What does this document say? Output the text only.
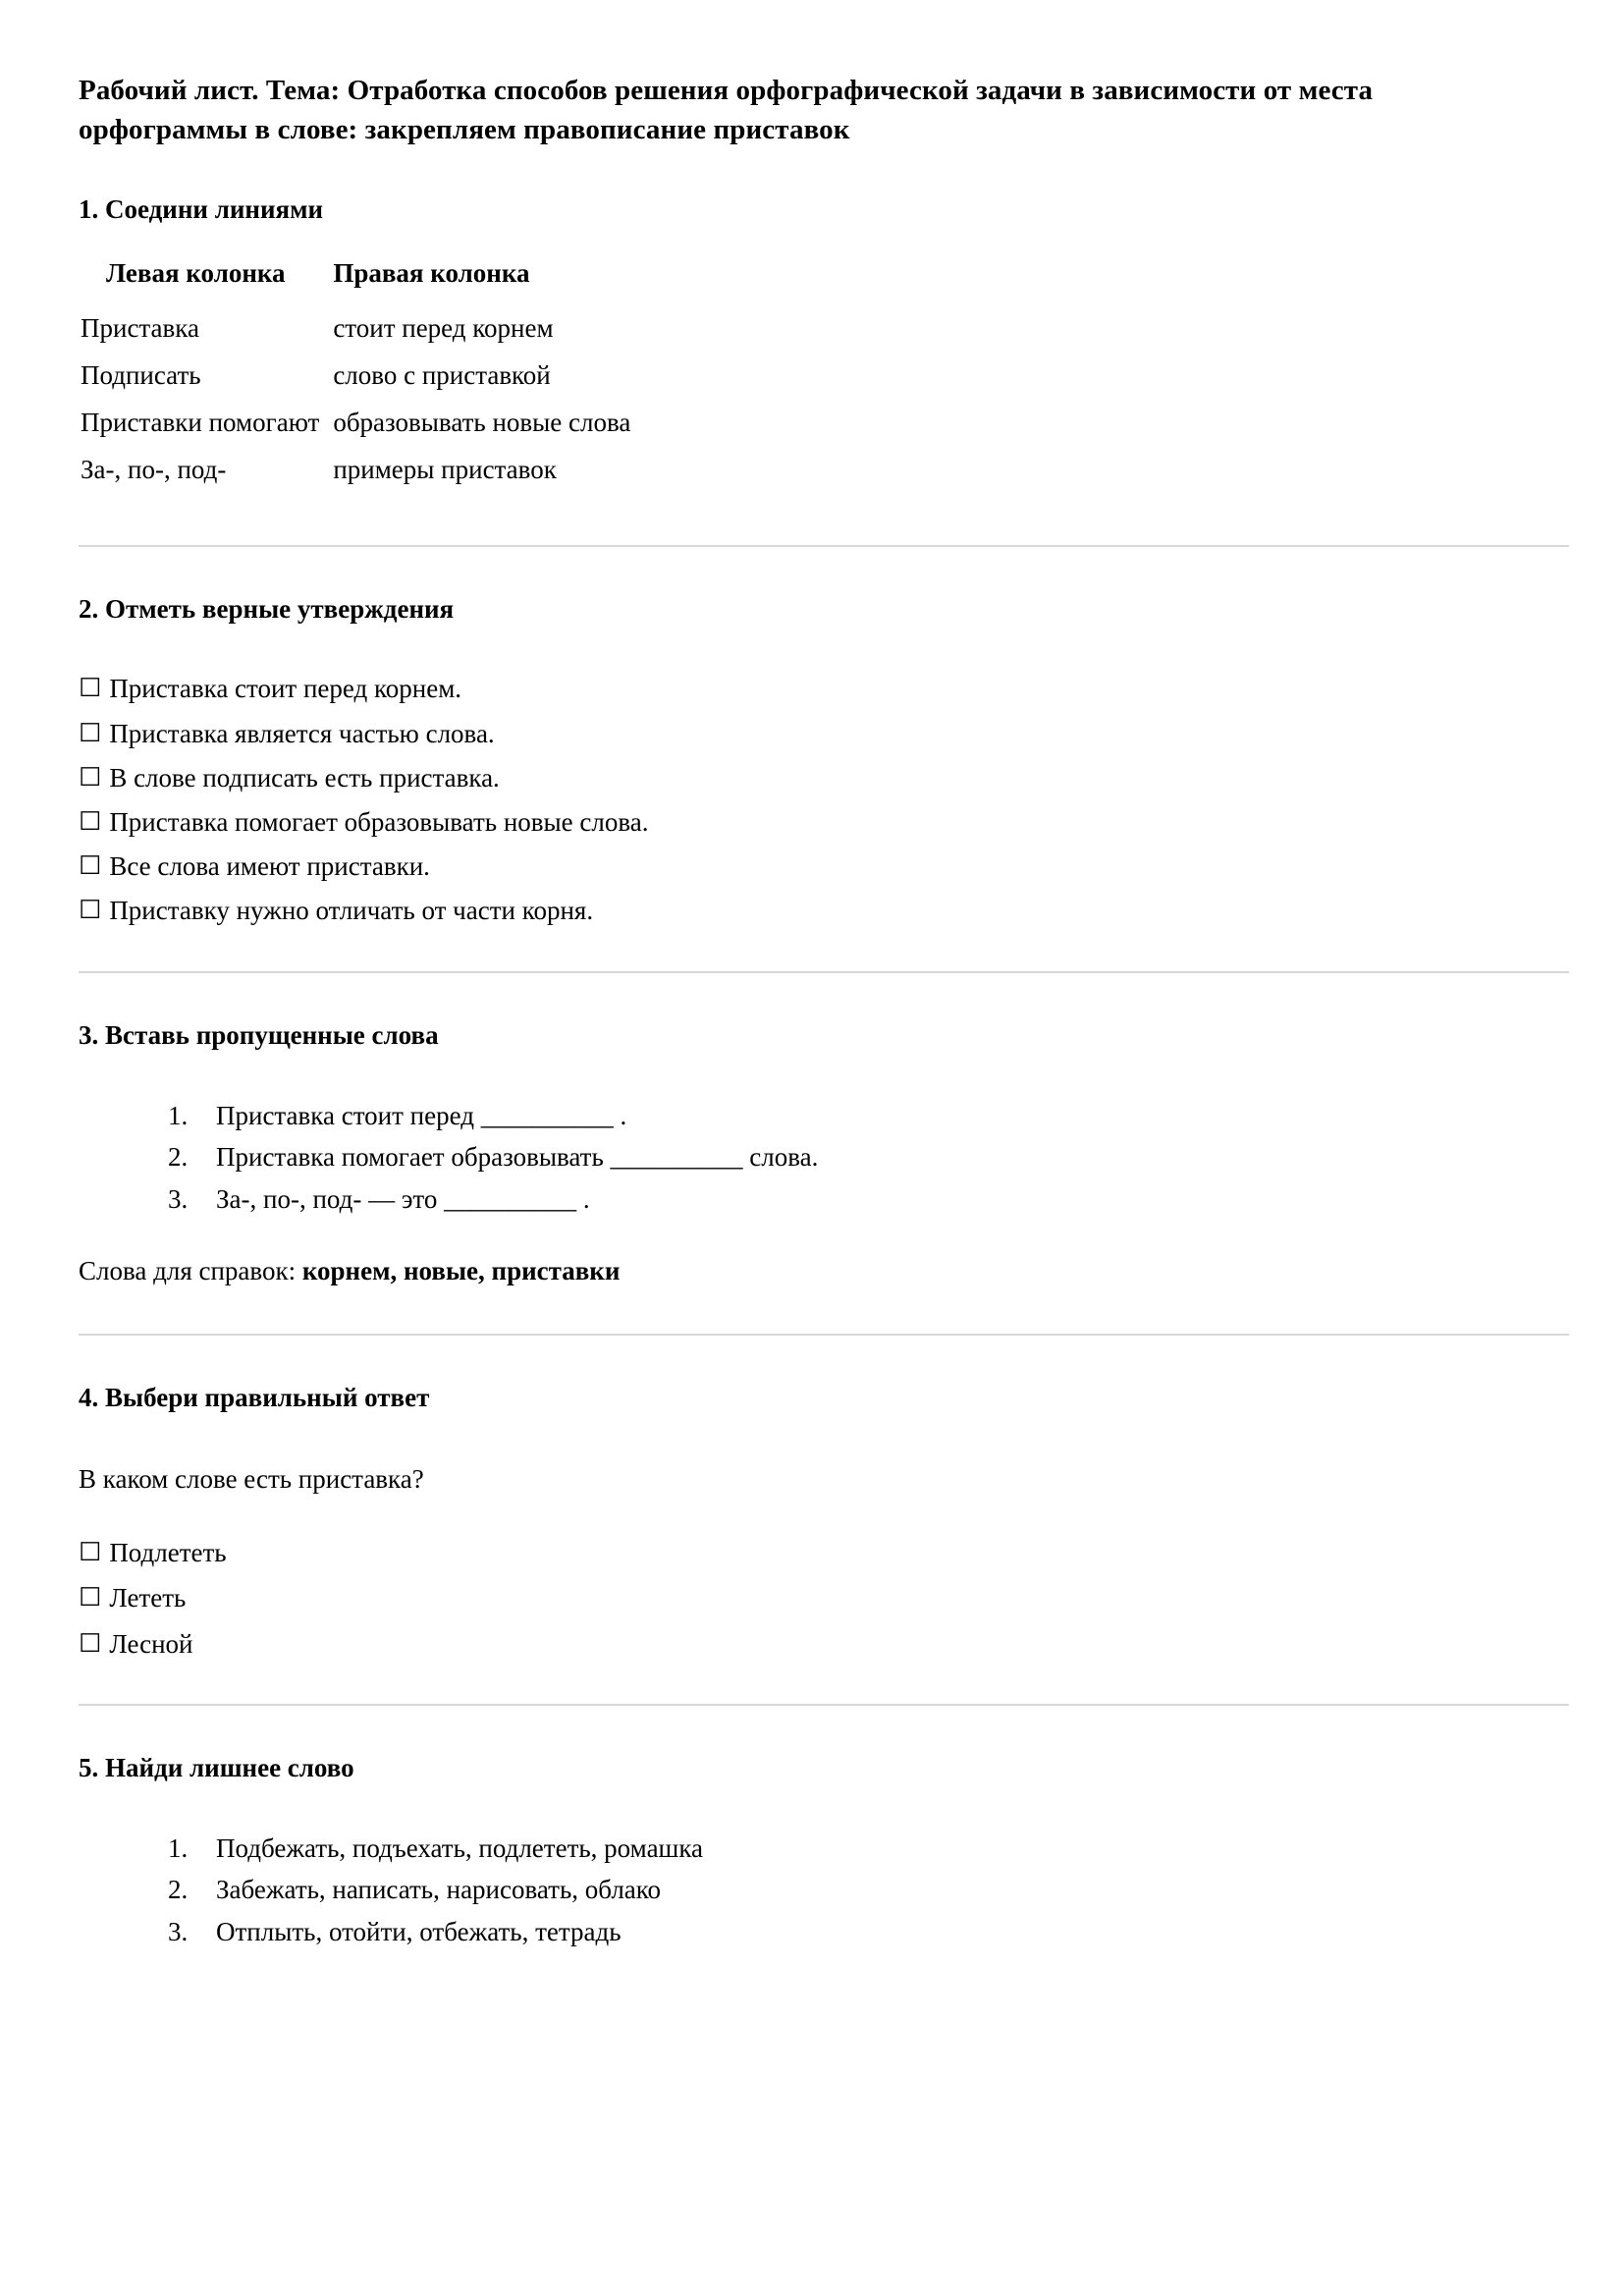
Рабочий лист. Тема: Отработка способов решения орфографической задачи в зависимости от места орфограммы в слове: закрепляем правописание приставок
1. Соедини линиями
Левая колонка	Правая колонка
Приставка	стоит перед корнем
Подписать	слово с приставкой
Приставки помогают	образовывать новые слова
За-, по-, под-	примеры приставок
2. Отметь верные утверждения
☐ Приставка стоит перед корнем.
☐ Приставка является частью слова.
☐ В слове подписать есть приставка.
☐ Приставка помогает образовывать новые слова.
☐ Все слова имеют приставки.
☐ Приставку нужно отличать от части корня.
3. Вставь пропущенные слова
1. Приставка стоит перед __________ .
2. Приставка помогает образовывать __________ слова.
3. За-, по-, под- — это __________ .

Слова для справок: корнем, новые, приставки

4. Выбери правильный ответ

В каком слове есть приставка?

☐ Подлететь
☐ Лететь
☐ Лесной
5. Найди лишнее слово
1. Подбежать, подъехать, подлететь, ромашка
2. Забежать, написать, нарисовать, облако
3. Отплыть, отойти, отбежать, тетрадь
